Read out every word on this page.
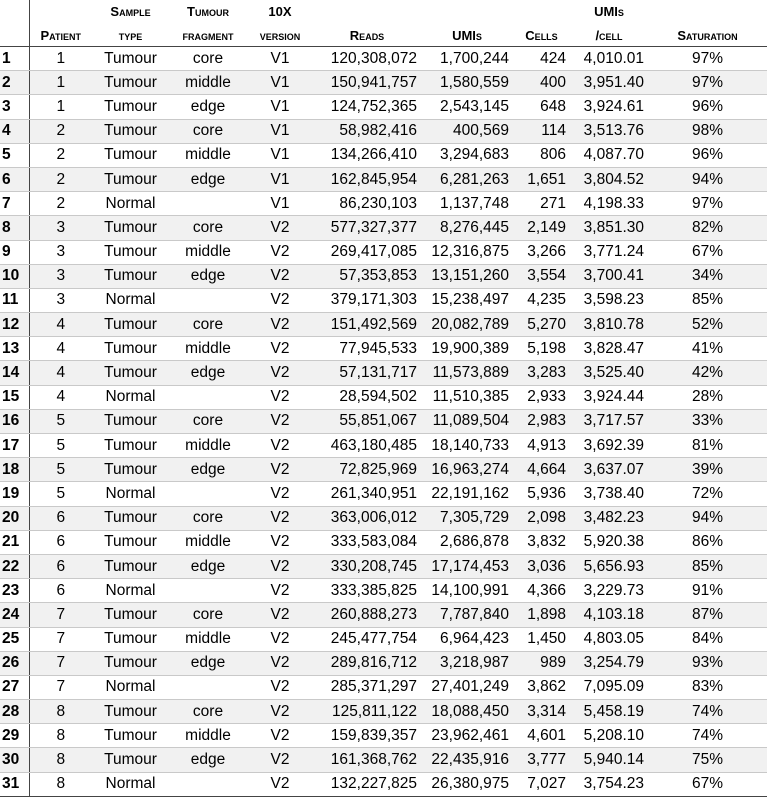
		Sample	Tumour	10X				UMIs	
	Patient	type	fragment	version	Reads	UMIs	Cells	/cell	Saturation
1	1	Tumour	core	V1	120,308,072	1,700,244	424	4,010.01	97%
2	1	Tumour	middle	V1	150,941,757	1,580,559	400	3,951.40	97%
3	1	Tumour	edge	V1	124,752,365	2,543,145	648	3,924.61	96%
4	2	Tumour	core	V1	58,982,416	400,569	114	3,513.76	98%
5	2	Tumour	middle	V1	134,266,410	3,294,683	806	4,087.70	96%
6	2	Tumour	edge	V1	162,845,954	6,281,263	1,651	3,804.52	94%
7	2	Normal		V1	86,230,103	1,137,748	271	4,198.33	97%
8	3	Tumour	core	V2	577,327,377	8,276,445	2,149	3,851.30	82%
9	3	Tumour	middle	V2	269,417,085	12,316,875	3,266	3,771.24	67%
10	3	Tumour	edge	V2	57,353,853	13,151,260	3,554	3,700.41	34%
11	3	Normal		V2	379,171,303	15,238,497	4,235	3,598.23	85%
12	4	Tumour	core	V2	151,492,569	20,082,789	5,270	3,810.78	52%
13	4	Tumour	middle	V2	77,945,533	19,900,389	5,198	3,828.47	41%
14	4	Tumour	edge	V2	57,131,717	11,573,889	3,283	3,525.40	42%
15	4	Normal		V2	28,594,502	11,510,385	2,933	3,924.44	28%
16	5	Tumour	core	V2	55,851,067	11,089,504	2,983	3,717.57	33%
17	5	Tumour	middle	V2	463,180,485	18,140,733	4,913	3,692.39	81%
18	5	Tumour	edge	V2	72,825,969	16,963,274	4,664	3,637.07	39%
19	5	Normal		V2	261,340,951	22,191,162	5,936	3,738.40	72%
20	6	Tumour	core	V2	363,006,012	7,305,729	2,098	3,482.23	94%
21	6	Tumour	middle	V2	333,583,084	2,686,878	3,832	5,920.38	86%
22	6	Tumour	edge	V2	330,208,745	17,174,453	3,036	5,656.93	85%
23	6	Normal		V2	333,385,825	14,100,991	4,366	3,229.73	91%
24	7	Tumour	core	V2	260,888,273	7,787,840	1,898	4,103.18	87%
25	7	Tumour	middle	V2	245,477,754	6,964,423	1,450	4,803.05	84%
26	7	Tumour	edge	V2	289,816,712	3,218,987	989	3,254.79	93%
27	7	Normal		V2	285,371,297	27,401,249	3,862	7,095.09	83%
28	8	Tumour	core	V2	125,811,122	18,088,450	3,314	5,458.19	74%
29	8	Tumour	middle	V2	159,839,357	23,962,461	4,601	5,208.10	74%
30	8	Tumour	edge	V2	161,368,762	22,435,916	3,777	5,940.14	75%
31	8	Normal		V2	132,227,825	26,380,975	7,027	3,754.23	67%
